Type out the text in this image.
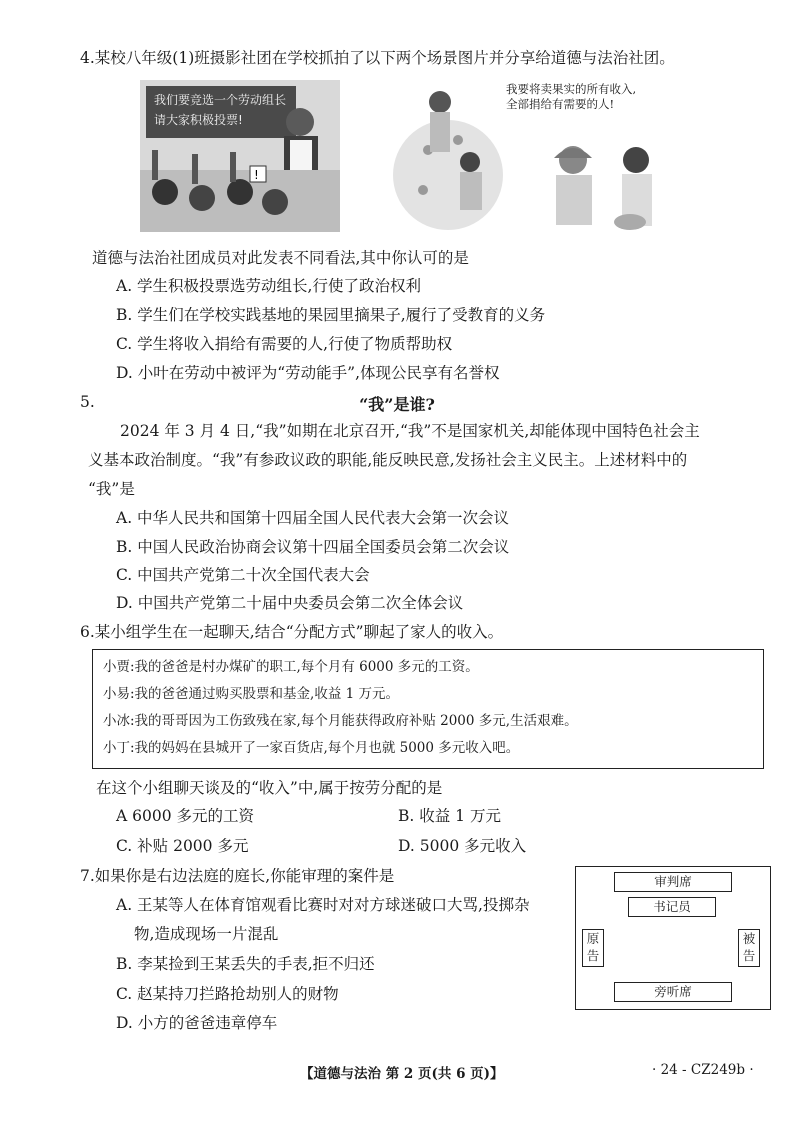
4.某校八年级(1)班摄影社团在学校抓拍了以下两个场景图片并分享给道德与法治社团。
我们要竞选一个劳动组长
请大家积极投票!
!
我要将卖果实的所有收入,
全部捐给有需要的人!
道德与法治社团成员对此发表不同看法,其中你认可的是
A. 学生积极投票选劳动组长,行使了政治权利
B. 学生们在学校实践基地的果园里摘果子,履行了受教育的义务
C. 学生将收入捐给有需要的人,行使了物质帮助权
D. 小叶在劳动中被评为“劳动能手”,体现公民享有名誉权
5.	“我”是谁?
2024 年 3 月 4 日,“我”如期在北京召开,“我”不是国家机关,却能体现中国特色社会主
义基本政治制度。“我”有参政议政的职能,能反映民意,发扬社会主义民主。上述材料中的
“我”是
A. 中华人民共和国第十四届全国人民代表大会第一次会议
B. 中国人民政治协商会议第十四届全国委员会第二次会议
C. 中国共产党第二十次全国代表大会
D. 中国共产党第二十届中央委员会第二次全体会议
6.某小组学生在一起聊天,结合“分配方式”聊起了家人的收入。
小贾:我的爸爸是村办煤矿的职工,每个月有 6000 多元的工资。
小易:我的爸爸通过购买股票和基金,收益 1 万元。
小冰:我的哥哥因为工伤致残在家,每个月能获得政府补贴 2000 多元,生活艰难。
小丁:我的妈妈在县城开了一家百货店,每个月也就 5000 多元收入吧。
在这个小组聊天谈及的“收入”中,属于按劳分配的是
A 6000 多元的工资	B. 收益 1 万元
C. 补贴 2000 多元	D. 5000 多元收入
7.如果你是右边法庭的庭长,你能审理的案件是
A. 王某等人在体育馆观看比赛时对对方球迷破口大骂,投掷杂
物,造成现场一片混乱
B. 李某捡到王某丢失的手表,拒不归还
C. 赵某持刀拦路抢劫别人的财物
D. 小方的爸爸违章停车
审判席
书记员
原
告
被
告
旁听席
【道德与法治 第 2 页(共 6 页)】	· 24 - CZ249b ·
